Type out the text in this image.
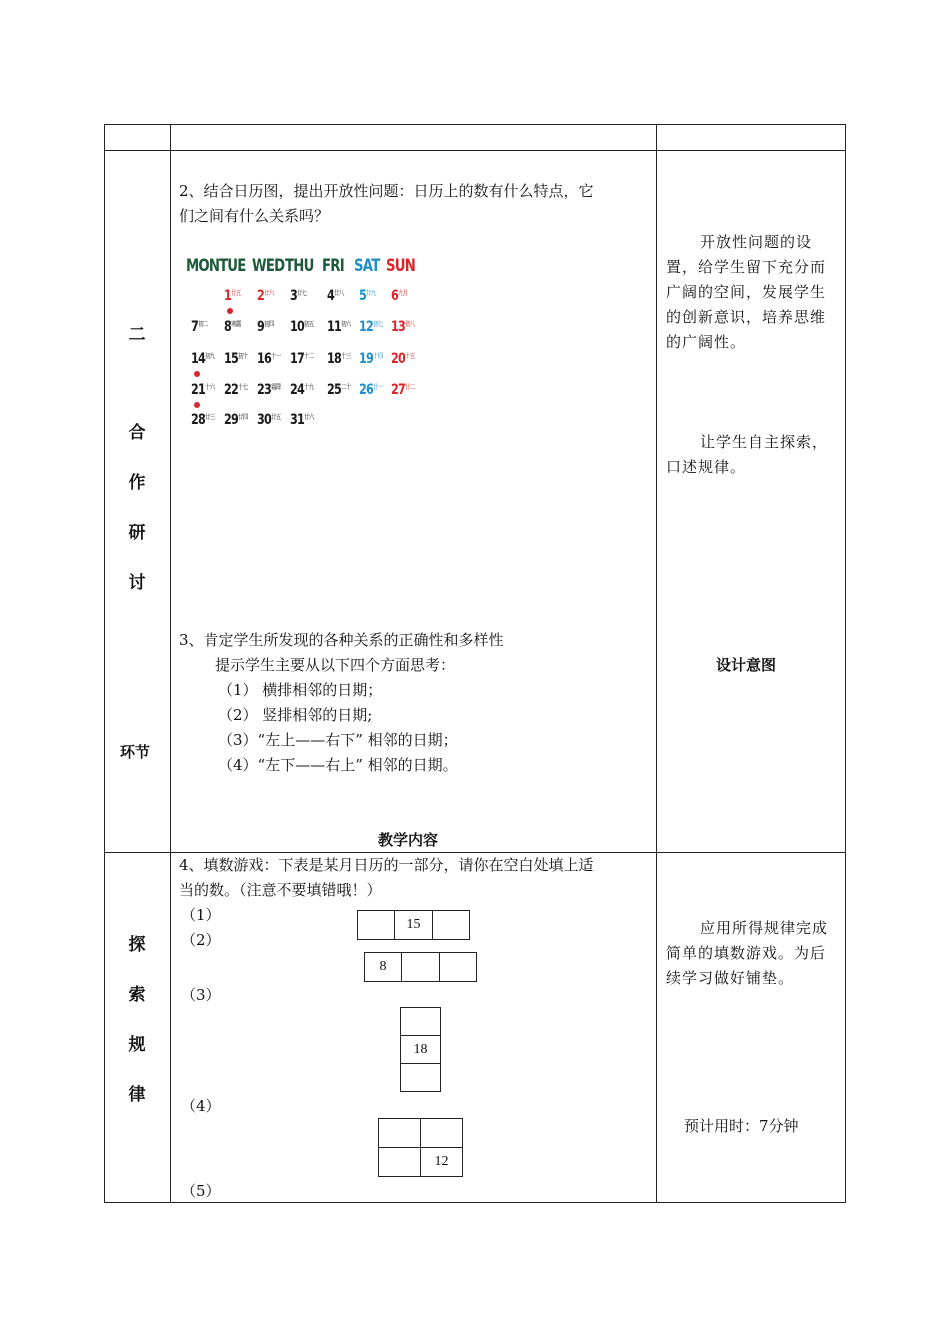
二
合
作
研
讨
环节
探
索
规
律
2、结合日历图，提出开放性问题：日历上的数有什么特点，它
们之间有什么关系吗？
MON TUE WED THU FRI SAT SUN
$1^{廿五}$ $2^{廿六}$ $3^{廿七}$ $4^{廿八}$ $5^{廿九}$ $6^{九月}$
$7^{初二}$ $8^{寒露}$ $9^{初四}$ $10^{初五}$ $11^{初六}$ $12^{初七}$ $13^{初八}$
$14^{初九}$ $15^{初十}$ $16^{十一}$ $17^{十二}$ $18^{十三}$ $19^{十四}$ $20^{十五}$
$21^{十六}$ $22^{十七}$ $23^{霜降}$ $24^{十九}$ $25^{二十}$ $26^{廿一}$ $27^{廿二}$
$28^{廿三}$ $29^{廿四}$ $30^{廿五}$ $31^{廿六}$
3、肯定学生所发现的各种关系的正确性和多样性
提示学生主要从以下四个方面思考：
（1） 横排相邻的日期；
（2） 竖排相邻的日期;
（3）“左上——右下” 相邻的日期；
（4）“左下——右上” 相邻的日期。
教学内容
4、填数游戏：下表是某月日历的一部分，请你在空白处填上适
当的数。（注意不要填错哦！）
（1）
（2）
（3）
（4）
（5）
15
8
18
12
开放性问题的设置，给学生留下充分而广阔的空间，发展学生的创新意识，培养思维的广阔性。
让学生自主探索，口述规律。
设计意图
应用所得规律完成简单的填数游戏。为后续学习做好铺垫。
预计用时：7分钟
